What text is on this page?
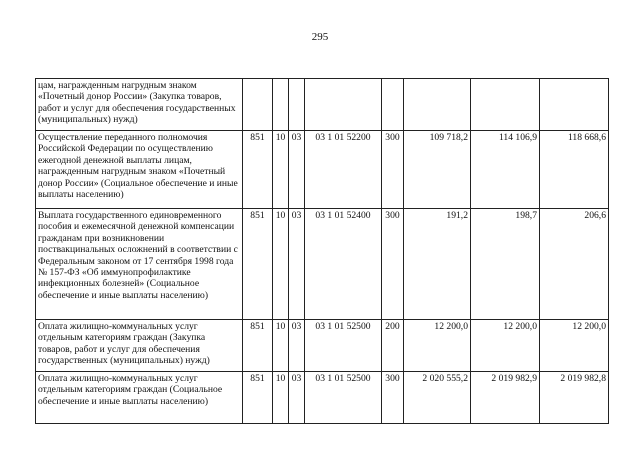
295
цам, награжденным нагрудным знаком «Почетный донор России» (Закупка товаров, работ и услуг для обеспечения государственных (муниципальных) нужд)								
Осуществление переданного полномочия Российской Федерации по осуществлению ежегодной денежной выплаты лицам, награжденным нагрудным знаком «Почетный донор России» (Социальное обеспечение и иные выплаты населению)	851	10	03	03 1 01 52200	300	109 718,2	114 106,9	118 668,6
Выплата государственного единовременного пособия и ежемесячной денежной компенсации гражданам при возникновении поствакцинальных осложнений в соответствии с Федеральным законом от 17 сентября 1998 года № 157-ФЗ «Об иммунопрофилактике инфекционных болезней» (Социальное обеспечение и иные выплаты населению)	851	10	03	03 1 01 52400	300	191,2	198,7	206,6
Оплата жилищно-коммунальных услуг отдельным категориям граждан (Закупка товаров, работ и услуг для обеспечения государственных (муниципальных) нужд)	851	10	03	03 1 01 52500	200	12 200,0	12 200,0	12 200,0
Оплата жилищно-коммунальных услуг отдельным категориям граждан (Социальное обеспечение и иные выплаты населению)	851	10	03	03 1 01 52500	300	2 020 555,2	2 019 982,9	2 019 982,8
